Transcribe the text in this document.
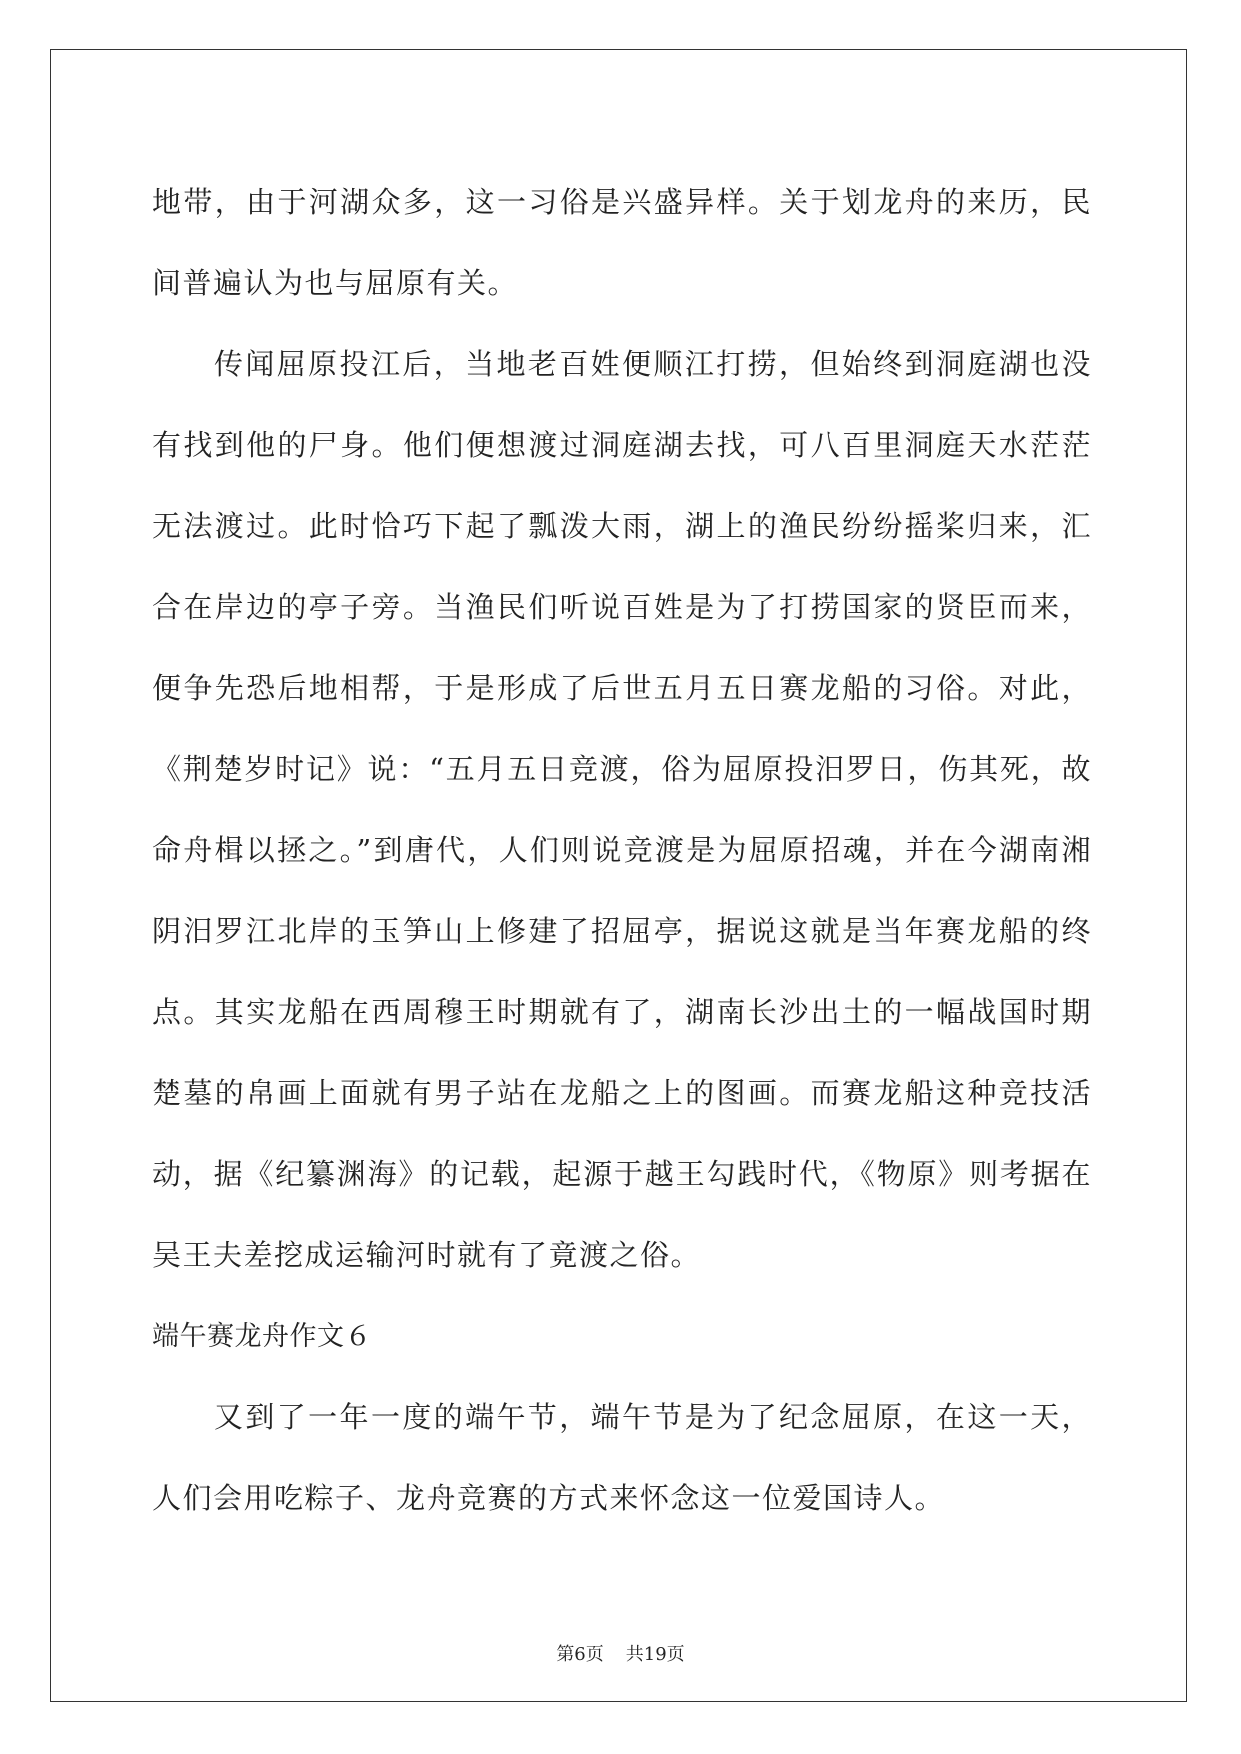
地带，由于河湖众多，这一习俗是兴盛异样。关于划龙舟的来历，民间普遍认为也与屈原有关。

传闻屈原投江后，当地老百姓便顺江打捞，但始终到洞庭湖也没有找到他的尸身。他们便想渡过洞庭湖去找，可八百里洞庭天水茫茫无法渡过。此时恰巧下起了瓢泼大雨，湖上的渔民纷纷摇桨归来，汇合在岸边的亭子旁。当渔民们听说百姓是为了打捞国家的贤臣而来，便争先恐后地相帮，于是形成了后世五月五日赛龙船的习俗。对此，《荆楚岁时记》说：“五月五日竞渡，俗为屈原投汨罗日，伤其死，故命舟楫以拯之。”到唐代，人们则说竞渡是为屈原招魂，并在今湖南湘阴汨罗江北岸的玉笋山上修建了招屈亭，据说这就是当年赛龙船的终点。其实龙船在西周穆王时期就有了，湖南长沙出土的一幅战国时期楚墓的帛画上面就有男子站在龙船之上的图画。而赛龙船这种竞技活动，据《纪纂渊海》的记载，起源于越王勾践时代，《物原》则考据在吴王夫差挖成运输河时就有了竟渡之俗。

端午赛龙舟作文６

又到了一年一度的端午节，端午节是为了纪念屈原，在这一天，人们会用吃粽子、龙舟竞赛的方式来怀念这一位爱国诗人。

第6页 共19页
